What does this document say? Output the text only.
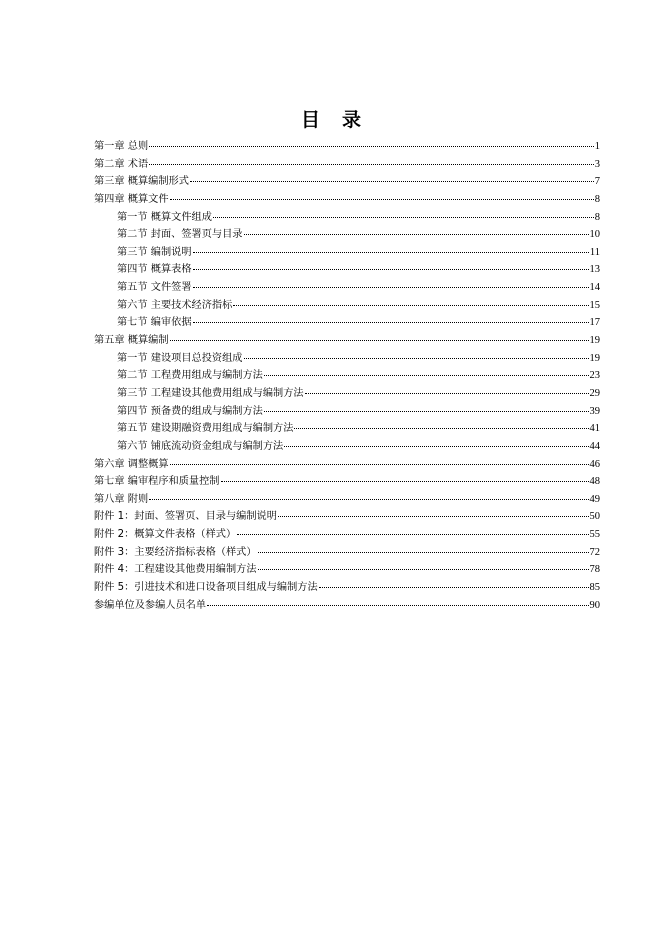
目 录
第一章 总则	1
第二章 术语	3
第三章 概算编制形式	7
第四章 概算文件	8
第一节 概算文件组成	8
第二节 封面、签署页与目录	10
第三节 编制说明	11
第四节 概算表格	13
第五节 文件签署	14
第六节 主要技术经济指标	15
第七节 编审依据	17
第五章 概算编制	19
第一节 建设项目总投资组成	19
第二节 工程费用组成与编制方法	23
第三节 工程建设其他费用组成与编制方法	29
第四节 预备费的组成与编制方法	39
第五节 建设期融资费用组成与编制方法	41
第六节 铺底流动资金组成与编制方法	44
第六章 调整概算	46
第七章 编审程序和质量控制	48
第八章 附则	49
附件 1：封面、签署页、目录与编制说明	50
附件 2：概算文件表格（样式）	55
附件 3：主要经济指标表格（样式）	72
附件 4：工程建设其他费用编制方法	78
附件 5：引进技术和进口设备项目组成与编制方法	85
参编单位及参编人员名单	90
